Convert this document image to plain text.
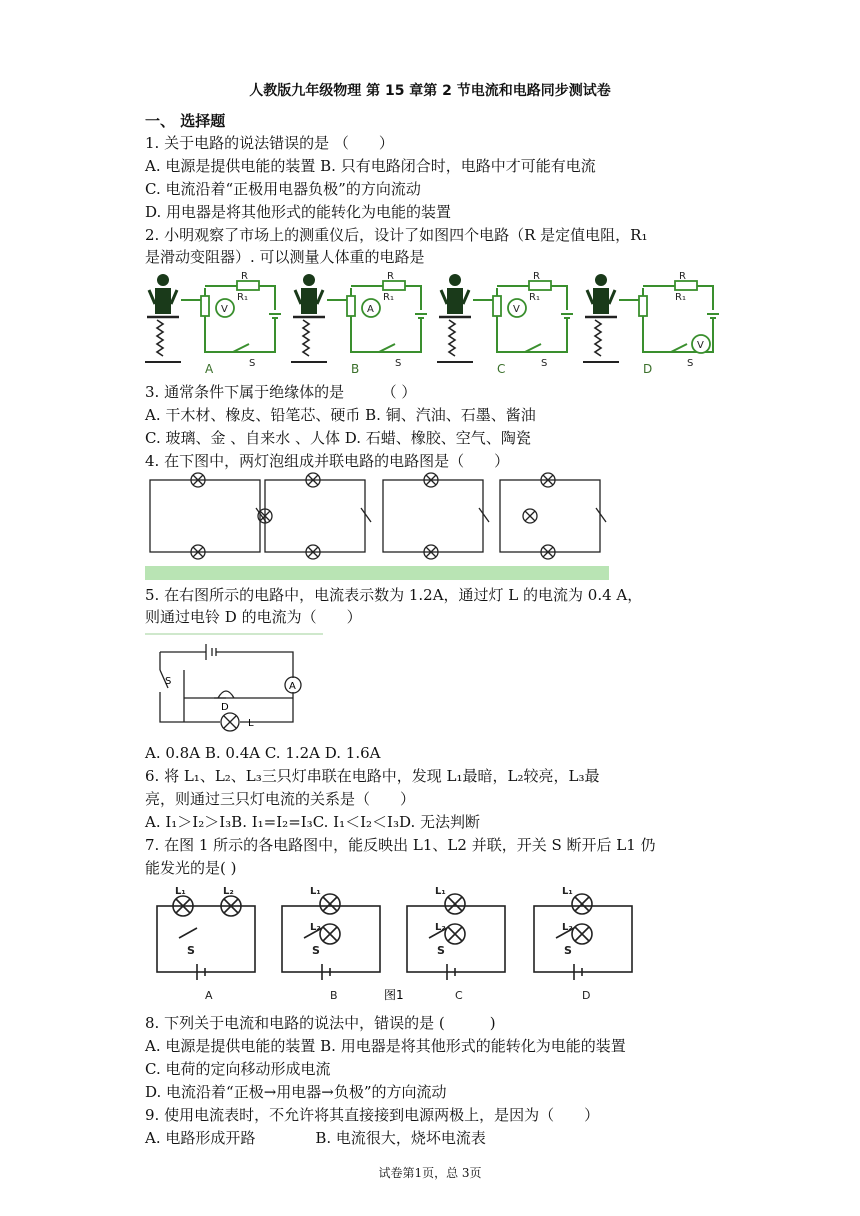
人教版九年级物理 第 15 章第 2 节电流和电路同步测试卷
一、 选择题
1. 关于电路的说法错误的是 （　　）
A. 电源是提供电能的装置 B. 只有电路闭合时，电路中才可能有电流
C. 电流沿着“正极用电器负极”的方向流动
D. 用电器是将其他形式的能转化为电能的装置
2. 小明观察了市场上的测重仪后，设计了如图四个电路（R 是定值电阻，R₁
是滑动变阻器）. 可以测量人体重的电路是
V
R₁
R
S
A
A
R₁
R
S
B
V
R₁
R
S
C
V
R₁
R
S
D
3. 通常条件下属于绝缘体的是　　　（ ）
A. 干木材、橡皮、铅笔芯、硬币 B. 铜、汽油、石墨、酱油
C. 玻璃、金 、自来水 、人体 D. 石蜡、橡胶、空气、陶瓷
4. 在下图中，两灯泡组成并联电路的电路图是（　　）
5. 在右图所示的电路中，电流表示数为 1.2A，通过灯 L 的电流为 0.4 A，
则通过电铃 D 的电流为（　　）
S
D
L
A
A. 0.8A B. 0.4A C. 1.2A D. 1.6A
6. 将 L₁、L₂、L₃三只灯串联在电路中，发现 L₁最暗，L₂较亮，L₃最
亮，则通过三只灯电流的关系是（　　）
A. I₁＞I₂＞I₃B. I₁=I₂=I₃C. I₁＜I₂＜I₃D. 无法判断
7. 在图 1 所示的各电路图中，能反映出 L1、L2 并联，开关 S 断开后 L1 仍
能发光的是( )
S
L₁	L₂
A
S
L₁
L₂
B
S
L₁
L₂
C
S
L₁
L₂
D
图1
8. 下列关于电流和电路的说法中，错误的是 (　　　)
A. 电源是提供电能的装置 B. 用电器是将其他形式的能转化为电能的装置
C. 电荷的定向移动形成电流
D. 电流沿着“正极→用电器→负极”的方向流动
9. 使用电流表时，不允许将其直接接到电源两极上，是因为（　　）
A. 电路形成开路　　　　B. 电流很大，烧坏电流表
试卷第1页，总 3页
